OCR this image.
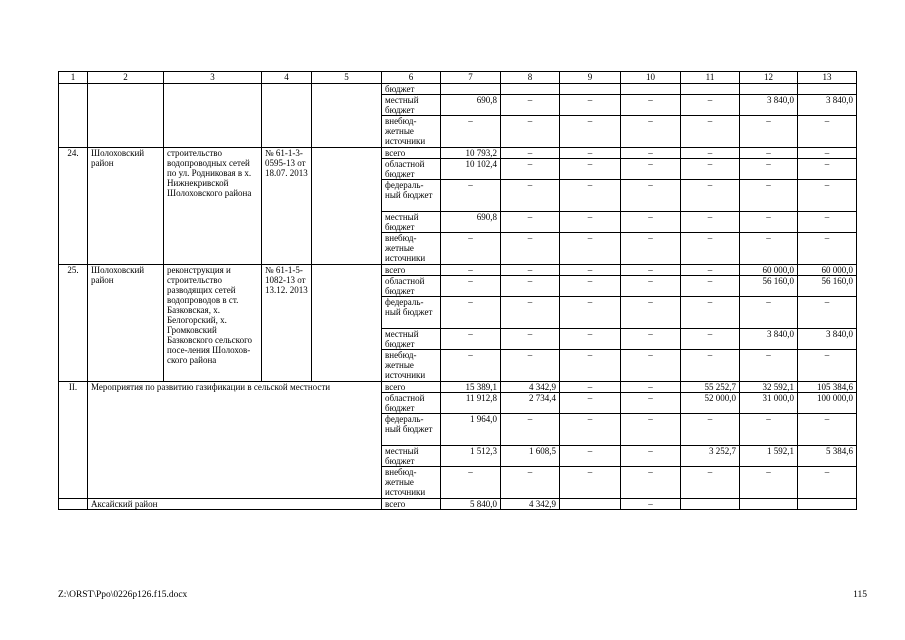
1	2	3	4	5	6	7	8	9	10	11	12	13
					бюджет							
					местный бюджет	690,8	–	–	–	–	3 840,0	3 840,0
					внебюд-жетные источники	–	–	–	–	–	–	–
24.	Шолоховский район	строительство водопроводных сетей по ул. Родниковая в х. Нижнекривской Шолоховского района	№ 61-1-3-0595-13 от 18.07. 2013		всего	10 793,2	–	–	–	–	–	–
					областной бюджет	10 102,4	–	–	–	–	–	–
					федераль-ный бюджет	–	–	–	–	–	–	–
					местный бюджет	690,8	–	–	–	–	–	–
					внебюд-жетные источники	–	–	–	–	–	–	–
25.	Шолоховский район	реконструкция и строительство разводящих сетей водопроводов в ст. Базковская, х. Белогорский, х. Громковский Базковского сельского посе-ления Шолохов-ского района	№ 61-1-5-1082-13 от 13.12. 2013		всего	–	–	–	–	–	60 000,0	60 000,0
					областной бюджет	–	–	–	–	–	56 160,0	56 160,0
					федераль-ный бюджет	–	–	–	–	–	–	–
					местный бюджет	–	–	–	–	–	3 840,0	3 840,0
					внебюд-жетные источники	–	–	–	–	–	–	–
II.	Мероприятия по развитию газификации в сельской местности				всего	15 389,1	4 342,9	–	–	55 252,7	32 592,1	105 384,6
					областной бюджет	11 912,8	2 734,4	–	–	52 000,0	31 000,0	100 000,0
					федераль-ный бюджет	1 964,0	–	–	–	–	–	–
					местный бюджет	1 512,3	1 608,5	–	–	3 252,7	1 592,1	5 384,6
					внебюд-жетные источники	–	–	–	–	–	–	–
	Аксайский район				всего	5 840,0	4 342,9		–			
Z:\ORST\Ppo\0226p126.f15.docx	115
